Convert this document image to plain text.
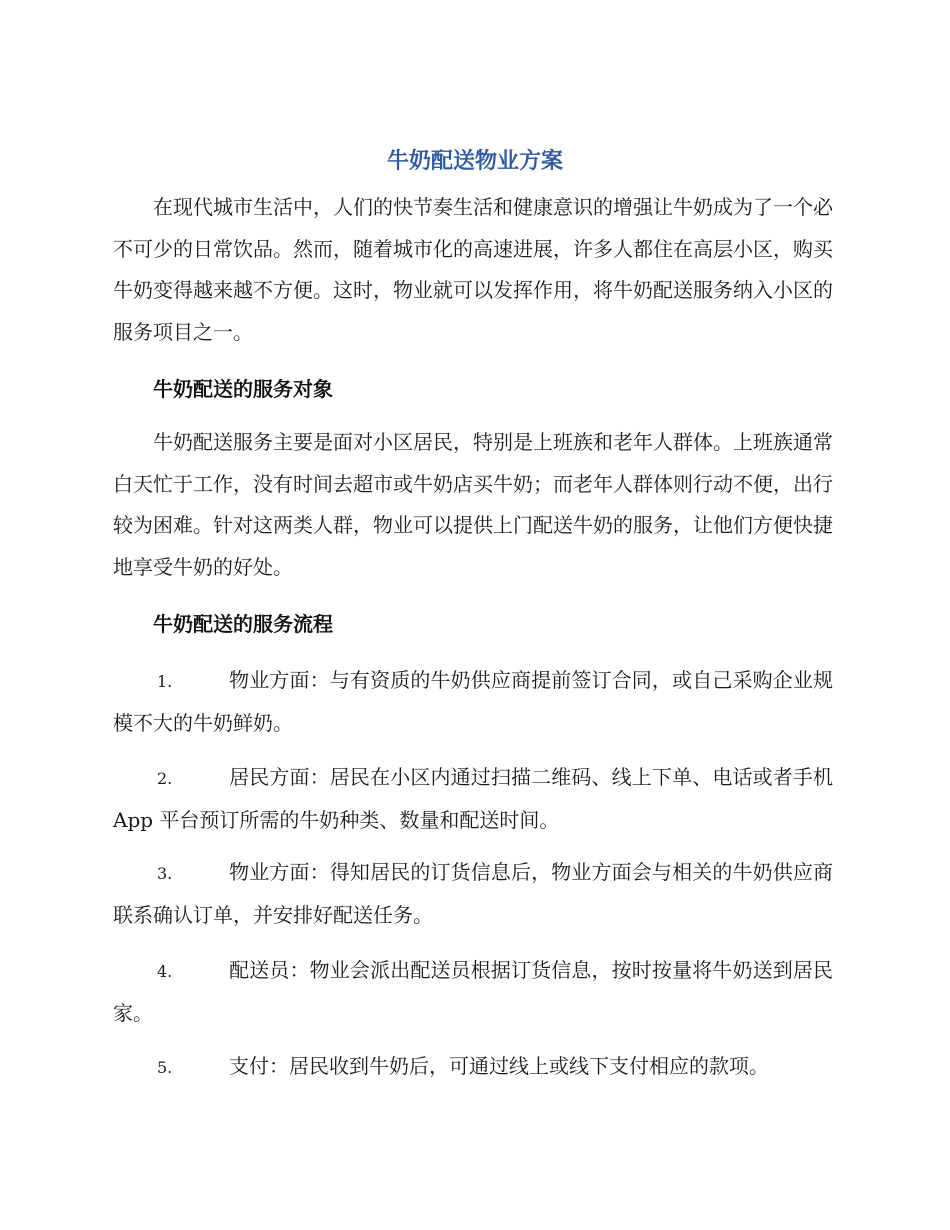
牛奶配送物业方案
在现代城市生活中，人们的快节奏生活和健康意识的增强让牛奶成为了一个必不可少的日常饮品。然而，随着城市化的高速进展，许多人都住在高层小区，购买牛奶变得越来越不方便。这时，物业就可以发挥作用，将牛奶配送服务纳入小区的服务项目之一。
牛奶配送的服务对象
牛奶配送服务主要是面对小区居民，特别是上班族和老年人群体。上班族通常白天忙于工作，没有时间去超市或牛奶店买牛奶；而老年人群体则行动不便，出行较为困难。针对这两类人群，物业可以提供上门配送牛奶的服务，让他们方便快捷地享受牛奶的好处。
牛奶配送的服务流程
1.	物业方面：与有资质的牛奶供应商提前签订合同，或自己采购企业规模不大的牛奶鲜奶。
2.	居民方面：居民在小区内通过扫描二维码、线上下单、电话或者手机 App 平台预订所需的牛奶种类、数量和配送时间。
3.	物业方面：得知居民的订货信息后，物业方面会与相关的牛奶供应商联系确认订单，并安排好配送任务。
4.	配送员：物业会派出配送员根据订货信息，按时按量将牛奶送到居民家。
5.	支付：居民收到牛奶后，可通过线上或线下支付相应的款项。
